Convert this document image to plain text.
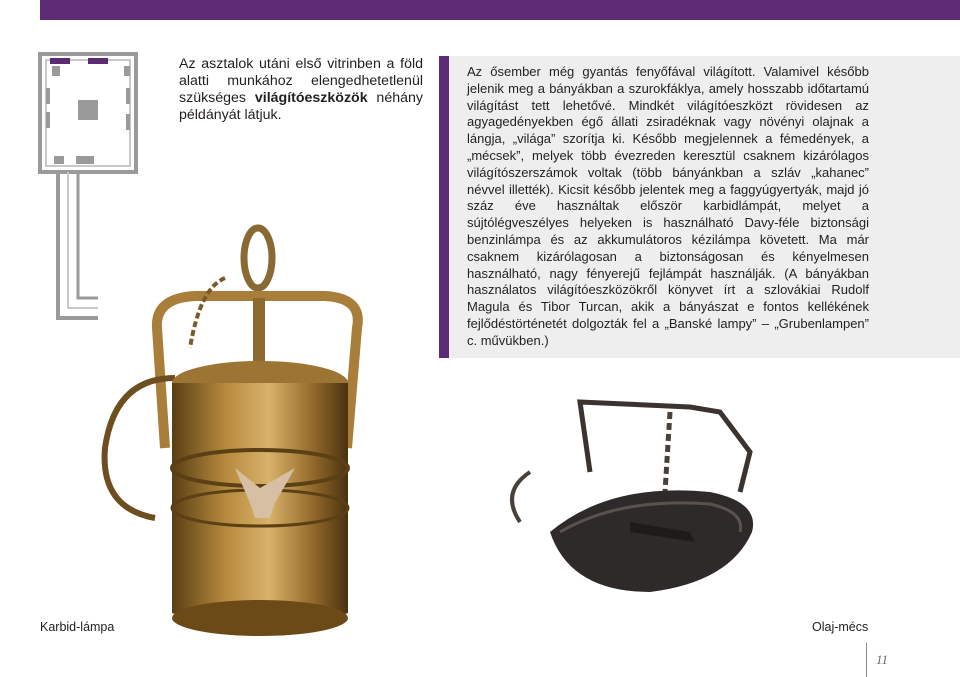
Az asztalok utáni első vitrinben a föld alatti munkához elengedhetetlenül szükséges világítóeszközök néhány példányát látjuk.

Az ősember még gyantás fenyőfával világított. Valamivel később jelenik meg a bányákban a szurokfáklya, amely hosszabb időtartamú világítást tett lehetővé. Mindkét világítóeszközt rövidesen az agyagedényekben égő állati zsiradéknak vagy növényi olajnak a lángja, „világa” szorítja ki. Később megjelennek a fémedények, a „mécsek”, melyek több évezreden keresztül csaknem kizárólagos világítószerszámok voltak (több bányánkban a szláv „kahanec” névvel illették). Kicsit később jelentek meg a faggyúgyertyák, majd jó száz éve használtak először karbidlámpát, melyet a sújtólégveszélyes helyeken is használható Davy-féle biztonsági benzinlámpa és az akkumulátoros kézilámpa követett. Ma már csaknem kizárólagosan a biztonságosan és kényelmesen használható, nagy fényerejű fejlámpát használják. (A bányákban használatos világítóeszközökről könyvet írt a szlovákiai Rudolf Magula és Tibor Turcan, akik a bányászat e fontos kellékének fejlődéstörténetét dolgozták fel a „Banské lampy” – „Grubenlampen” c. művükben.)

Karbid-lámpa	Olaj-mécs

11
